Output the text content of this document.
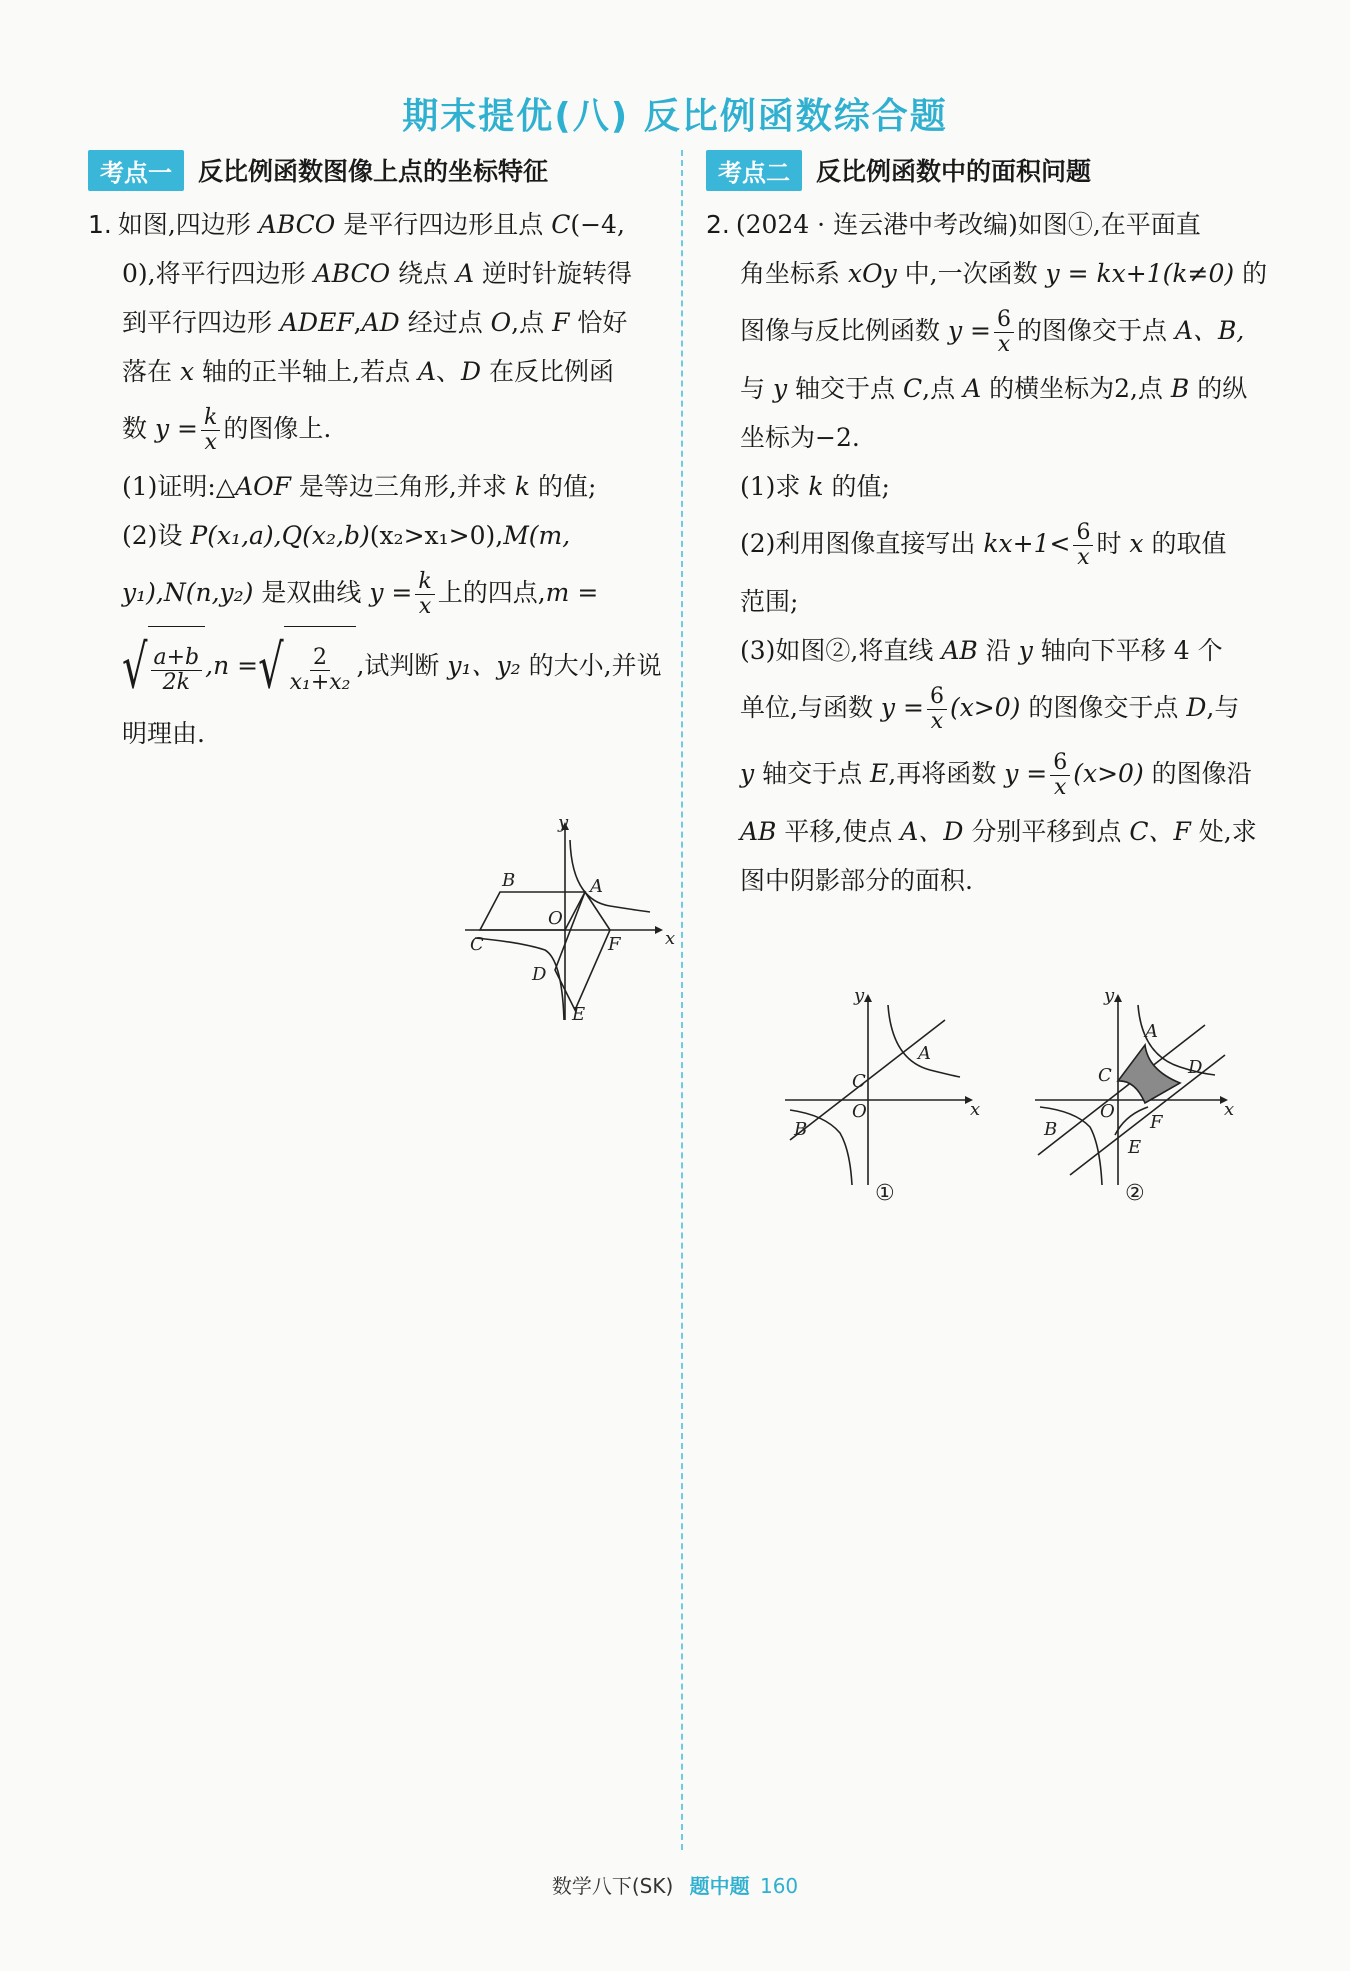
期末提优(八) 反比例函数综合题
考点一	反比例函数图像上点的坐标特征
1. 如图,四边形 ABCO 是平行四边形且点 C(−4,
0),将平行四边形 ABCO 绕点 A 逆时针旋转得
到平行四边形 ADEF,AD 经过点 O,点 F 恰好
落在 x 轴的正半轴上,若点 A、D 在反比例函
数 $y = \frac{k}{x}$ 的图像上.
(1)证明:△AOF 是等边三角形,并求 k 的值;
(2)设 P(x₁,a),Q(x₂,b)(x₂>x₁>0),M(m,
y₁),N(n,y₂) 是双曲线 $y = \frac{k}{x}$ 上的四点,m =
√ $\frac{a+b}{2k} ,n$ = √ $\frac{2}{\text{x₁+x₂}}$ ,试判断 y₁、y₂ 的大小,并说
明理由.
y
x
B	A
O
C	F
D
E
考点二	反比例函数中的面积问题
2. (2024 · 连云港中考改编)如图①,在平面直
角坐标系 xOy 中,一次函数 y = kx+1(k≠0) 的
图像与反比例函数 $y = \frac{6}{x}$ 的图像交于点 A、B,
与 y 轴交于点 C,点 A 的横坐标为2,点 B 的纵
坐标为−2.
(1)求 k 的值;
(2)利用图像直接写出 $kx+1< \frac{6}{x}$ 时 x 的取值
范围;
(3)如图②,将直线 AB 沿 y 轴向下平移 4 个
单位,与函数 $y = \frac{6}{x} (x>0)$ 的图像交于点 D,与
y 轴交于点 E,再将函数 $y = \frac{6}{x} (x>0)$ 的图像沿
AB 平移,使点 A、D 分别平移到点 C、F 处,求
图中阴影部分的面积.
y
x
A
C
O
B
①
y
x
A
C	D
O
B	F
E
②
数学八下(SK) 题中题 160
